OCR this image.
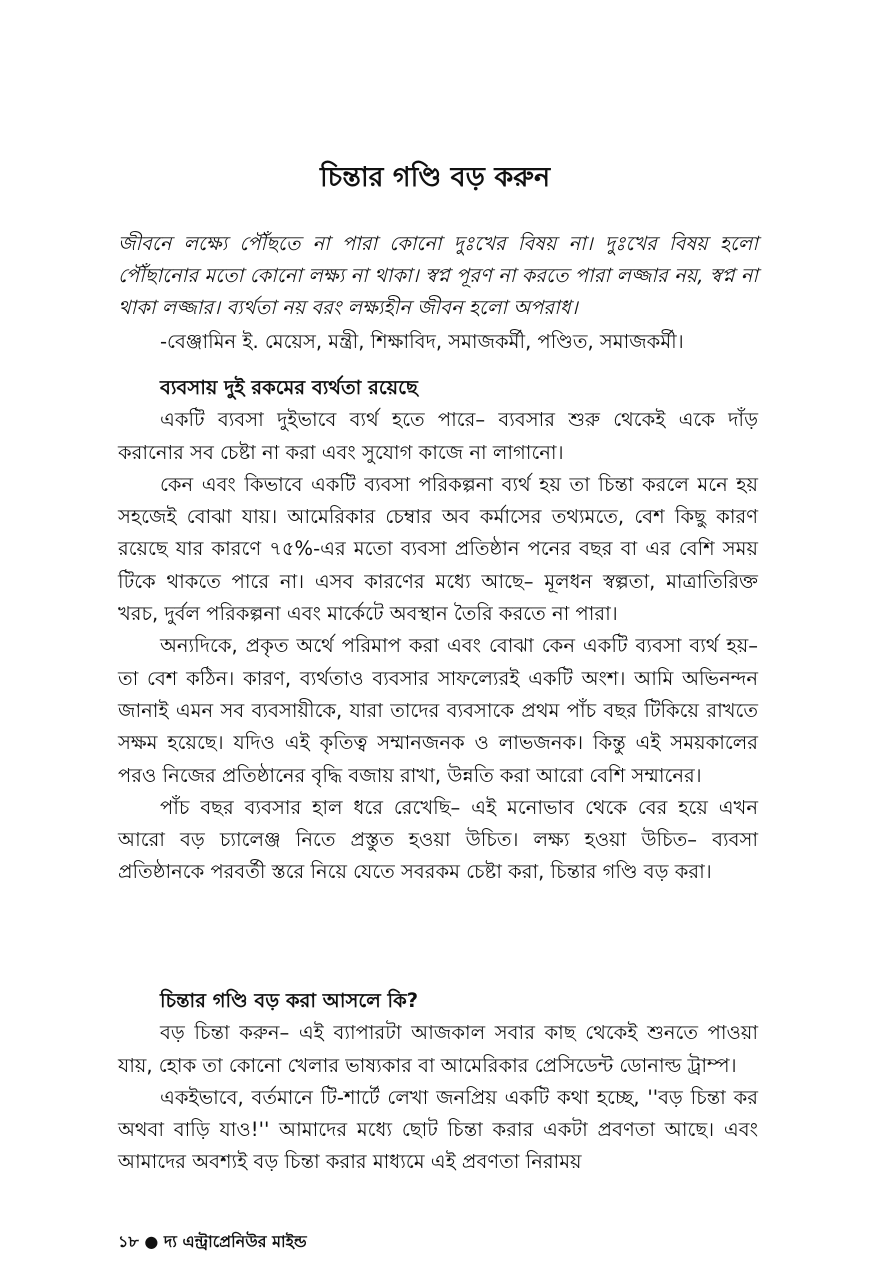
চিন্তার গণ্ডি বড় করুন
জীবনে লক্ষ্যে পৌঁছতে না পারা কোনো দুঃখের বিষয় না। দুঃখের বিষয় হলো পৌঁছানোর মতো কোনো লক্ষ্য না থাকা। স্বপ্ন পূরণ না করতে পারা লজ্জার নয়, স্বপ্ন না থাকা লজ্জার। ব্যর্থতা নয় বরং লক্ষ্যহীন জীবন হলো অপরাধ।
-বেঞ্জামিন ই. মেয়েস, মন্ত্রী, শিক্ষাবিদ, সমাজকর্মী, পণ্ডিত, সমাজকর্মী।

ব্যবসায় দুই রকমের ব্যর্থতা রয়েছে

একটি ব্যবসা দুইভাবে ব্যর্থ হতে পারে– ব্যবসার শুরু থেকেই একে দাঁড় করানোর সব চেষ্টা না করা এবং সুযোগ কাজে না লাগানো।

কেন এবং কিভাবে একটি ব্যবসা পরিকল্পনা ব্যর্থ হয় তা চিন্তা করলে মনে হয় সহজেই বোঝা যায়। আমেরিকার চেম্বার অব কর্মাসের তথ্যমতে, বেশ কিছু কারণ রয়েছে যার কারণে ৭৫%-এর মতো ব্যবসা প্রতিষ্ঠান পনের বছর বা এর বেশি সময় টিকে থাকতে পারে না। এসব কারণের মধ্যে আছে– মূলধন স্বল্পতা, মাত্রাতিরিক্ত খরচ, দুর্বল পরিকল্পনা এবং মার্কেটে অবস্থান তৈরি করতে না পারা।

অন্যদিকে, প্রকৃত অর্থে পরিমাপ করা এবং বোঝা কেন একটি ব্যবসা ব্যর্থ হয়– তা বেশ কঠিন। কারণ, ব্যর্থতাও ব্যবসার সাফল্যেরই একটি অংশ। আমি অভিনন্দন জানাই এমন সব ব্যবসায়ীকে, যারা তাদের ব্যবসাকে প্রথম পাঁচ বছর টিকিয়ে রাখতে সক্ষম হয়েছে। যদিও এই কৃতিত্ব সম্মানজনক ও লাভজনক। কিন্তু এই সময়কালের পরও নিজের প্রতিষ্ঠানের বৃদ্ধি বজায় রাখা, উন্নতি করা আরো বেশি সম্মানের।

পাঁচ বছর ব্যবসার হাল ধরে রেখেছি– এই মনোভাব থেকে বের হয়ে এখন আরো বড় চ্যালেঞ্জ নিতে প্রস্তুত হওয়া উচিত। লক্ষ্য হওয়া উচিত– ব্যবসা প্রতিষ্ঠানকে পরবর্তী স্তরে নিয়ে যেতে সবরকম চেষ্টা করা, চিন্তার গণ্ডি বড় করা।

চিন্তার গণ্ডি বড় করা আসলে কি?

বড় চিন্তা করুন– এই ব্যাপারটা আজকাল সবার কাছ থেকেই শুনতে পাওয়া যায়, হোক তা কোনো খেলার ভাষ্যকার বা আমেরিকার প্রেসিডেন্ট ডোনাল্ড ট্রাম্প।

একইভাবে, বর্তমানে টি-শার্টে লেখা জনপ্রিয় একটি কথা হচ্ছে, ''বড় চিন্তা কর অথবা বাড়ি যাও!'' আমাদের মধ্যে ছোট চিন্তা করার একটা প্রবণতা আছে। এবং আমাদের অবশ্যই বড় চিন্তা করার মাধ্যমে এই প্রবণতা নিরাময়

১৮ ● দ্য এন্ট্রাপ্রেনিউর মাইন্ড
